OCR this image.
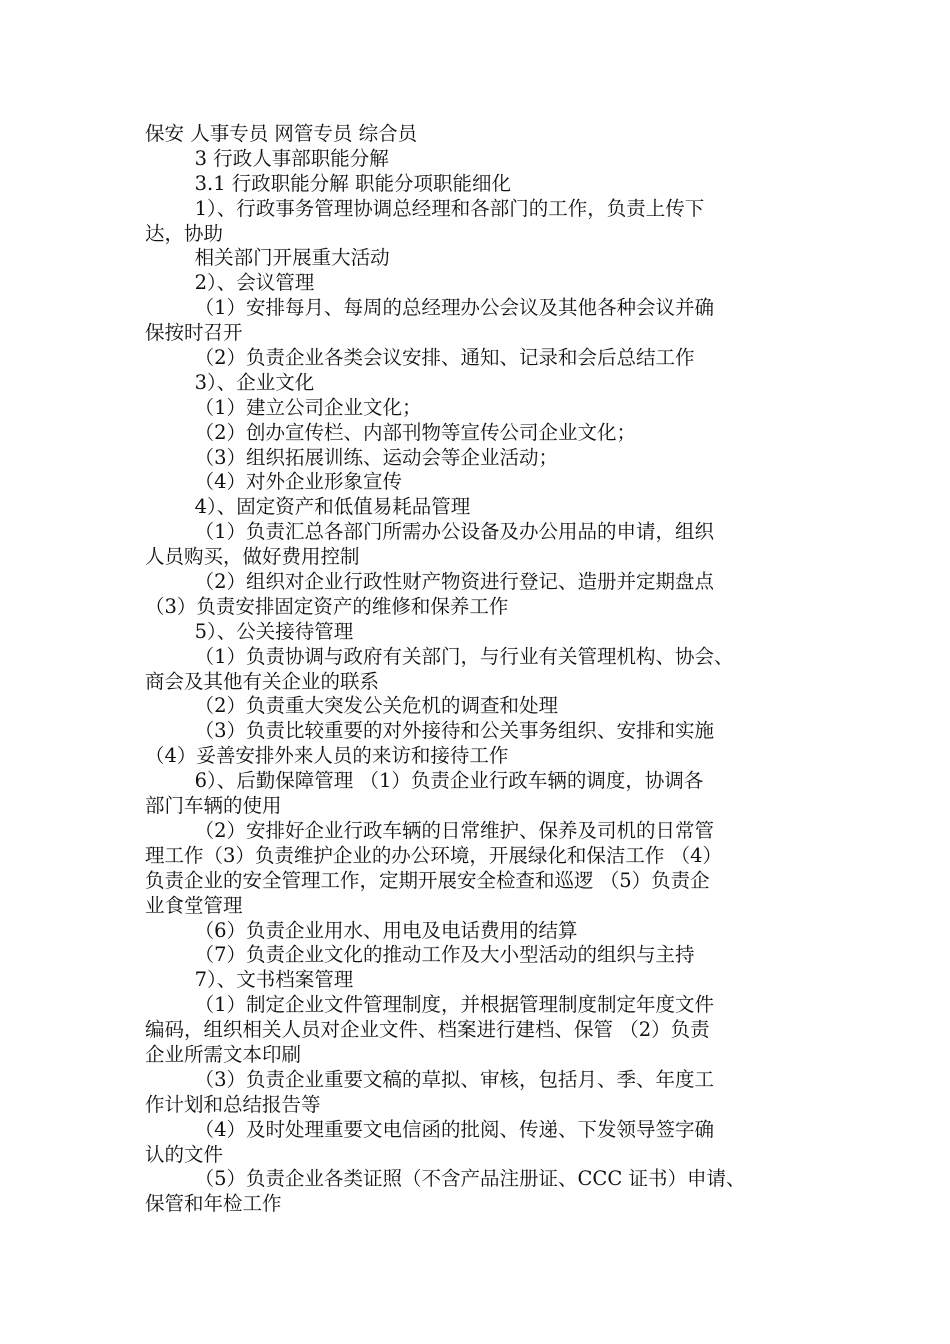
保安 人事专员 网管专员 综合员
3 行政人事部职能分解
3.1 行政职能分解 职能分项职能细化
1）、行政事务管理协调总经理和各部门的工作，负责上传下
达，协助
相关部门开展重大活动
2）、会议管理
（1）安排每月、每周的总经理办公会议及其他各种会议并确
保按时召开
（2）负责企业各类会议安排、通知、记录和会后总结工作
3）、企业文化
（1）建立公司企业文化；
（2）创办宣传栏、内部刊物等宣传公司企业文化；
（3）组织拓展训练、运动会等企业活动；
（4）对外企业形象宣传
4）、固定资产和低值易耗品管理
（1）负责汇总各部门所需办公设备及办公用品的申请，组织
人员购买，做好费用控制
（2）组织对企业行政性财产物资进行登记、造册并定期盘点
（3）负责安排固定资产的维修和保养工作
5）、公关接待管理
（1）负责协调与政府有关部门，与行业有关管理机构、协会、
商会及其他有关企业的联系
（2）负责重大突发公关危机的调查和处理
（3）负责比较重要的对外接待和公关事务组织、安排和实施
（4）妥善安排外来人员的来访和接待工作
6）、后勤保障管理 （1）负责企业行政车辆的调度，协调各
部门车辆的使用
（2）安排好企业行政车辆的日常维护、保养及司机的日常管
理工作（3）负责维护企业的办公环境，开展绿化和保洁工作 （4）
负责企业的安全管理工作，定期开展安全检查和巡逻 （5）负责企
业食堂管理
（6）负责企业用水、用电及电话费用的结算
（7）负责企业文化的推动工作及大小型活动的组织与主持
7）、文书档案管理
（1）制定企业文件管理制度，并根据管理制度制定年度文件
编码，组织相关人员对企业文件、档案进行建档、保管 （2）负责
企业所需文本印刷
（3）负责企业重要文稿的草拟、审核，包括月、季、年度工
作计划和总结报告等
（4）及时处理重要文电信函的批阅、传递、下发领导签字确
认的文件
（5）负责企业各类证照（不含产品注册证、CCC 证书）申请、
保管和年检工作
